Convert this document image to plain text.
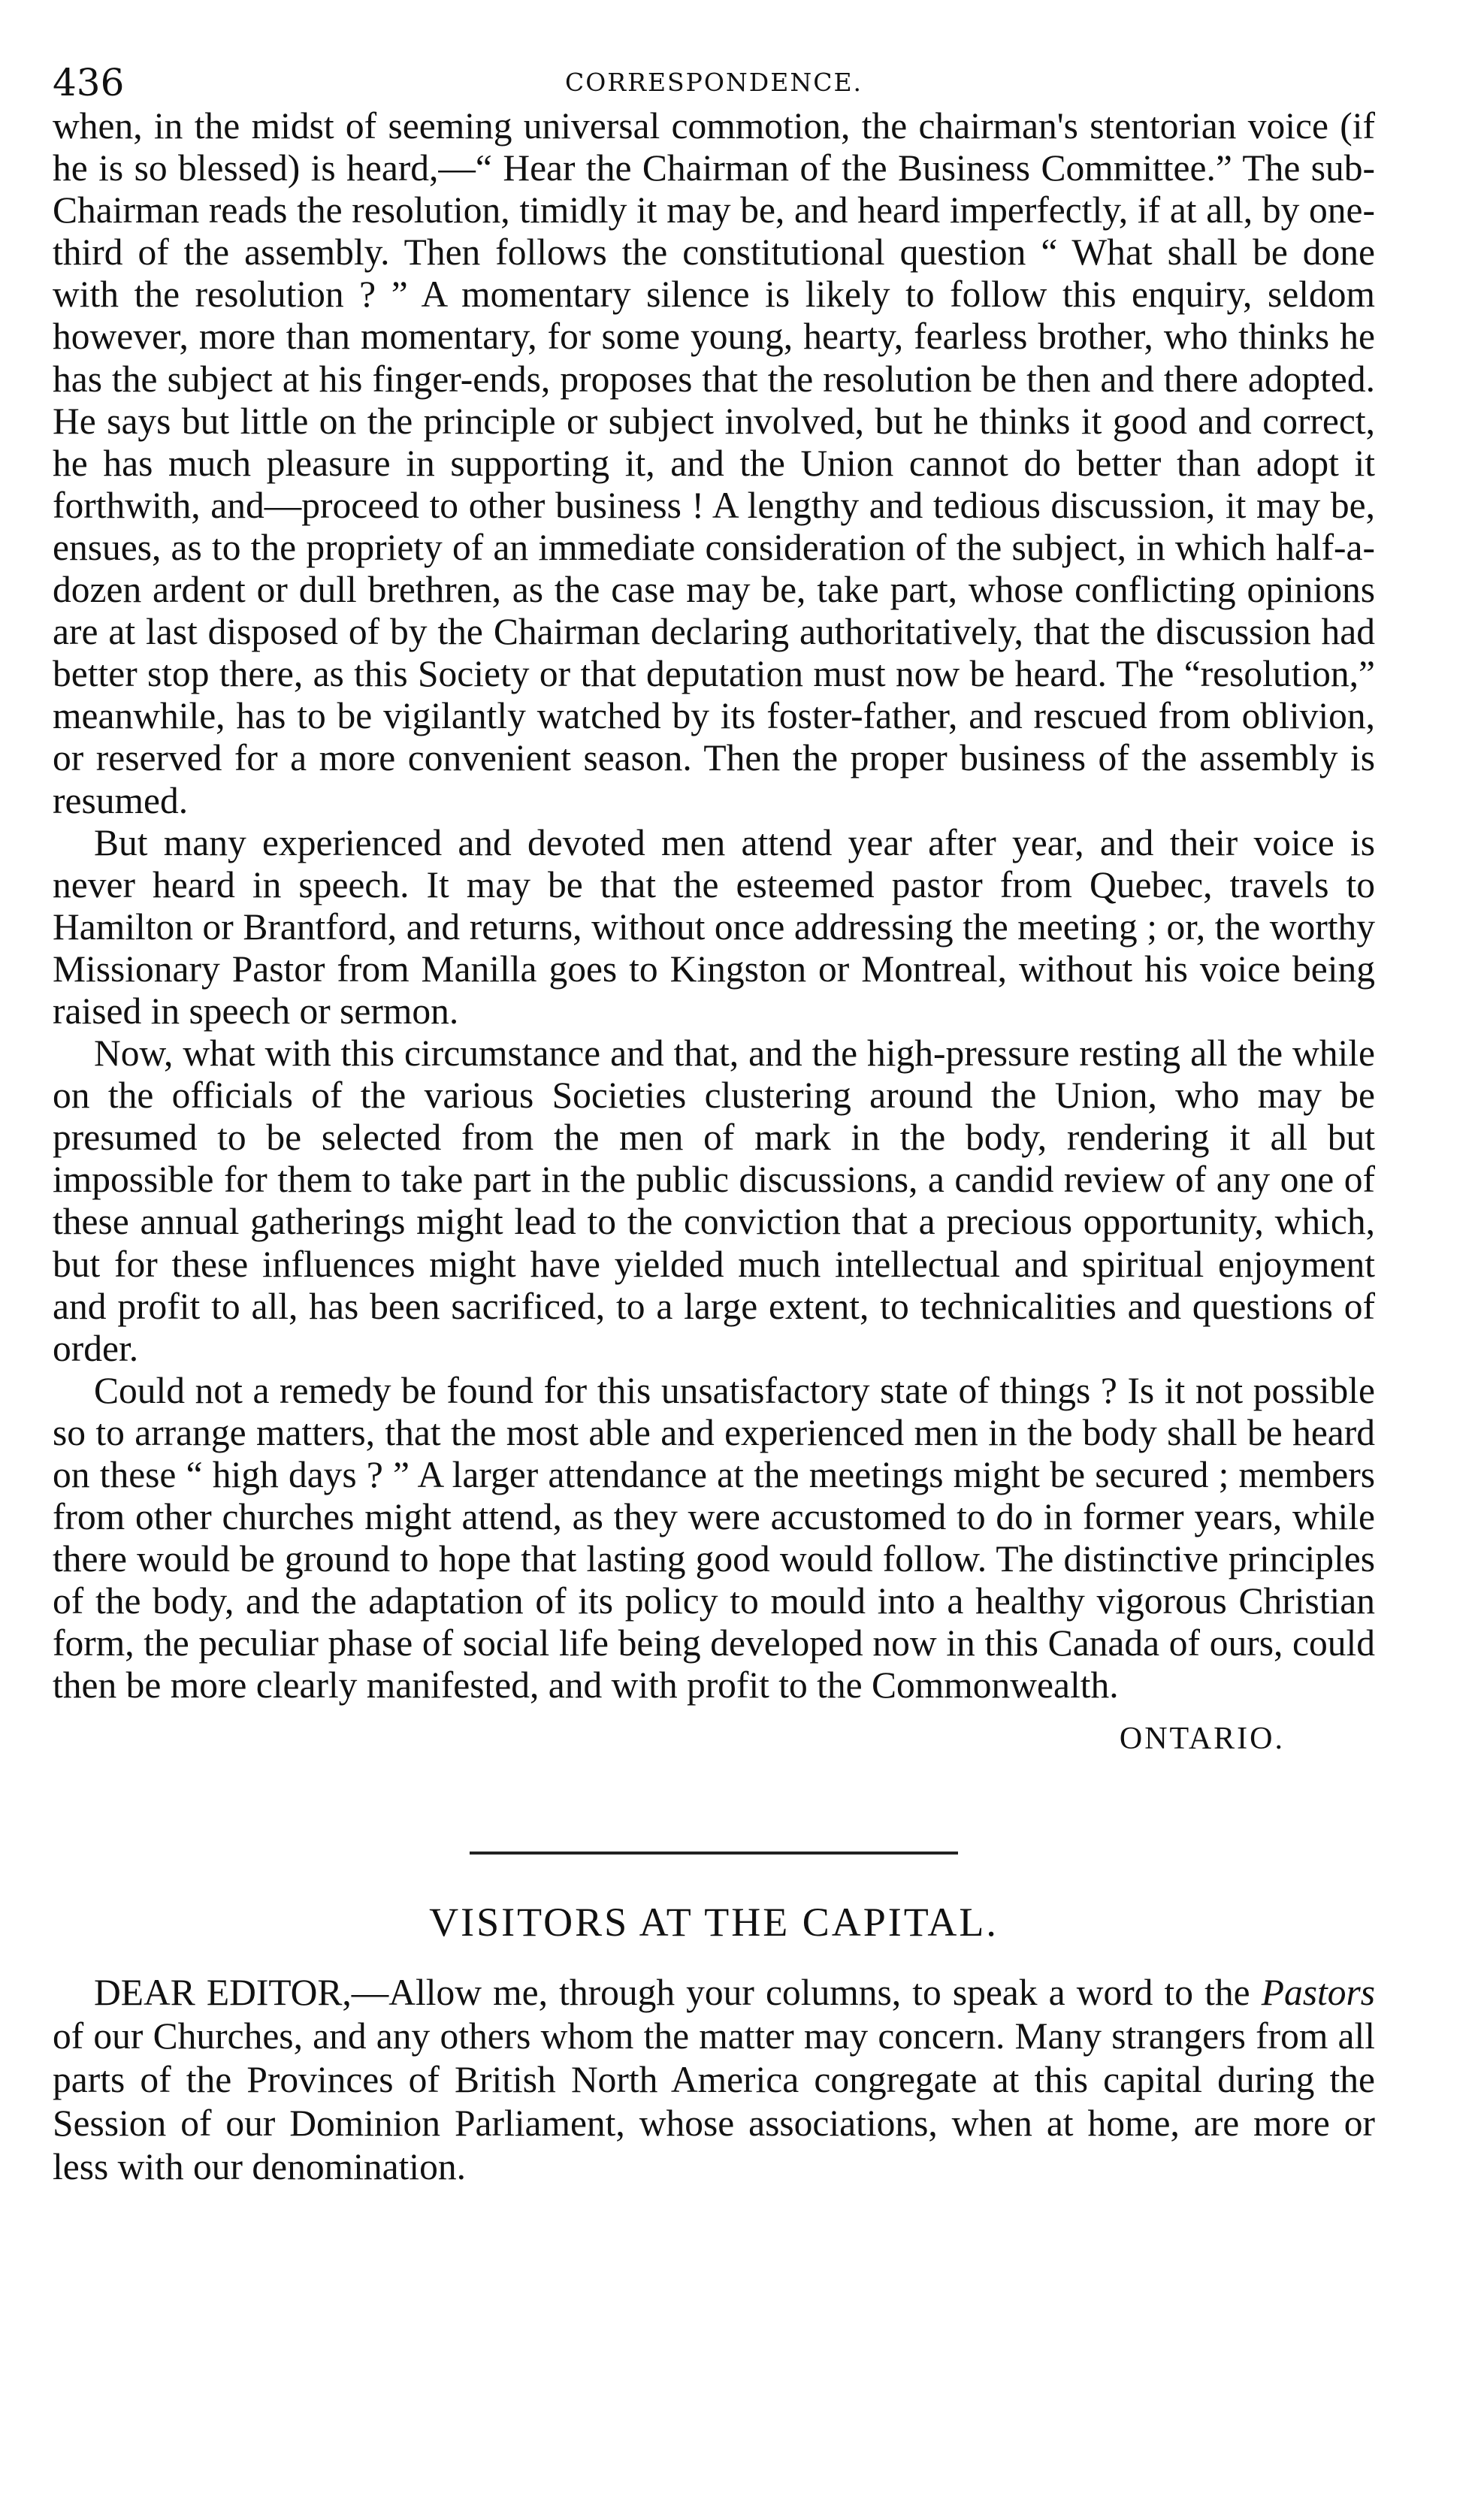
436	CORRESPONDENCE.

when, in the midst of seeming universal commotion, the chairman's stentorian voice (if he is so blessed) is heard,—“ Hear the Chairman of the Business Committee.” The sub-Chairman reads the resolution, timidly it may be, and heard imperfectly, if at all, by one-third of the assembly. Then follows the constitutional question “ What shall be done with the resolution ? ” A momentary silence is likely to follow this enquiry, seldom however, more than momentary, for some young, hearty, fearless brother, who thinks he has the subject at his finger-ends, proposes that the resolution be then and there adopted. He says but little on the principle or subject involved, but he thinks it good and correct, he has much pleasure in supporting it, and the Union cannot do better than adopt it forthwith, and—proceed to other business ! A lengthy and tedious discussion, it may be, ensues, as to the propriety of an immediate consideration of the subject, in which half-a-dozen ardent or dull brethren, as the case may be, take part, whose conflicting opinions are at last disposed of by the Chairman declaring authoritatively, that the discussion had better stop there, as this Society or that deputation must now be heard. The “resolution,” meanwhile, has to be vigilantly watched by its foster-father, and rescued from oblivion, or reserved for a more convenient season. Then the proper business of the assembly is resumed.

But many experienced and devoted men attend year after year, and their voice is never heard in speech. It may be that the esteemed pastor from Quebec, travels to Hamilton or Brantford, and returns, without once addressing the meeting ; or, the worthy Missionary Pastor from Manilla goes to Kingston or Montreal, without his voice being raised in speech or sermon.

Now, what with this circumstance and that, and the high-pressure resting all the while on the officials of the various Societies clustering around the Union, who may be presumed to be selected from the men of mark in the body, rendering it all but impossible for them to take part in the public discussions, a candid review of any one of these annual gatherings might lead to the conviction that a precious opportunity, which, but for these influences might have yielded much intellectual and spiritual enjoyment and profit to all, has been sacrificed, to a large extent, to technicalities and questions of order.

Could not a remedy be found for this unsatisfactory state of things ? Is it not possible so to arrange matters, that the most able and experienced men in the body shall be heard on these “ high days ? ” A larger attendance at the meetings might be secured ; members from other churches might attend, as they were accustomed to do in former years, while there would be ground to hope that lasting good would follow. The distinctive principles of the body, and the adaptation of its policy to mould into a healthy vigorous Christian form, the peculiar phase of social life being developed now in this Canada of ours, could then be more clearly manifested, and with profit to the Commonwealth.

ONTARIO.
VISITORS AT THE CAPITAL.

DEAR EDITOR,—Allow me, through your columns, to speak a word to the Pastors of our Churches, and any others whom the matter may concern. Many strangers from all parts of the Provinces of British North America congregate at this capital during the Session of our Dominion Parliament, whose associations, when at home, are more or less with our denomination.
